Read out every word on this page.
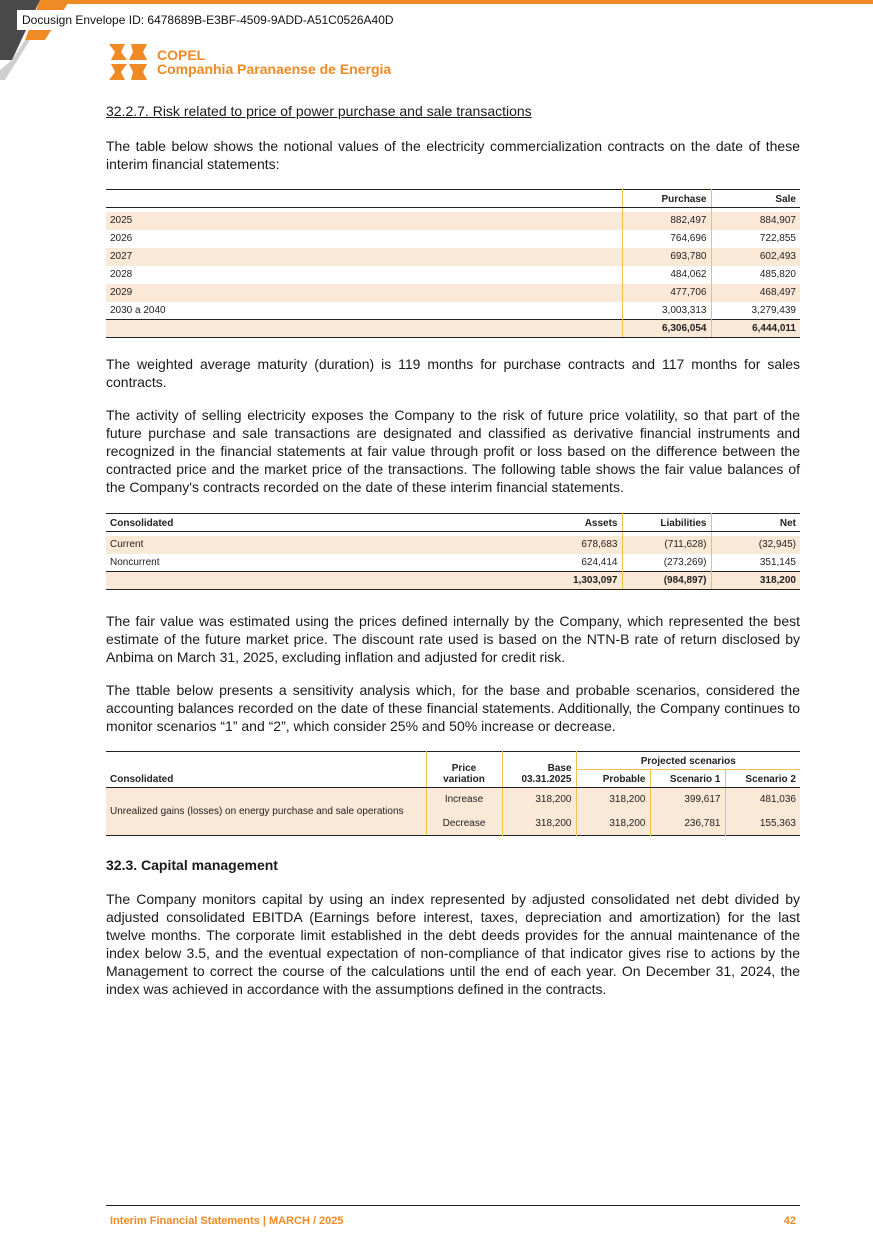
Docusign Envelope ID: 6478689B-E3BF-4509-9ADD-A51C0526A40D
COPEL
Companhia Paranaense de Energia
32.2.7. Risk related to price of power purchase and sale transactions

The table below shows the notional values of the electricity commercialization contracts on the date of these interim financial statements:

	Purchase	Sale

2025	882,497	884,907
2026	764,696	722,855
2027	693,780	602,493
2028	484,062	485,820
2029	477,706	468,497
2030 a 2040	3,003,313	3,279,439
	6,306,054	6,444,011

The weighted average maturity (duration) is 119 months for purchase contracts and 117 months for sales contracts.

The activity of selling electricity exposes the Company to the risk of future price volatility, so that part of the future purchase and sale transactions are designated and classified as derivative financial instruments and recognized in the financial statements at fair value through profit or loss based on the difference between the contracted price and the market price of the transactions. The following table shows the fair value balances of the Company's contracts recorded on the date of these interim financial statements.

Consolidated	Assets	Liabilities	Net

Current	678,683	(711,628)	(32,945)
Noncurrent	624,414	(273,269)	351,145
	1,303,097	(984,897)	318,200

The fair value was estimated using the prices defined internally by the Company, which represented the best estimate of the future market price. The discount rate used is based on the NTN-B rate of return disclosed by Anbima on March 31, 2025, excluding inflation and adjusted for credit risk.

The ttable below presents a sensitivity analysis which, for the base and probable scenarios, considered the accounting balances recorded on the date of these financial statements. Additionally, the Company continues to monitor scenarios “1” and “2”, which consider 25% and 50% increase or decrease.

Consolidated	Price variation	Base 03.31.2025	Projected scenarios		
			Probable	Scenario 1	Scenario 2
Unrealized gains (losses) on energy purchase and sale operations	Increase	318,200	318,200	399,617	481,036
	Decrease	318,200	318,200	236,781	155,363
32.3. Capital management

The Company monitors capital by using an index represented by adjusted consolidated net debt divided by adjusted consolidated EBITDA (Earnings before interest, taxes, depreciation and amortization) for the last twelve months. The corporate limit established in the debt deeds provides for the annual maintenance of the index below 3.5, and the eventual expectation of non-compliance of that indicator gives rise to actions by the Management to correct the course of the calculations until the end of each year. On December 31, 2024, the index was achieved in accordance with the assumptions defined in the contracts.

Interim Financial Statements | MARCH / 2025	42
